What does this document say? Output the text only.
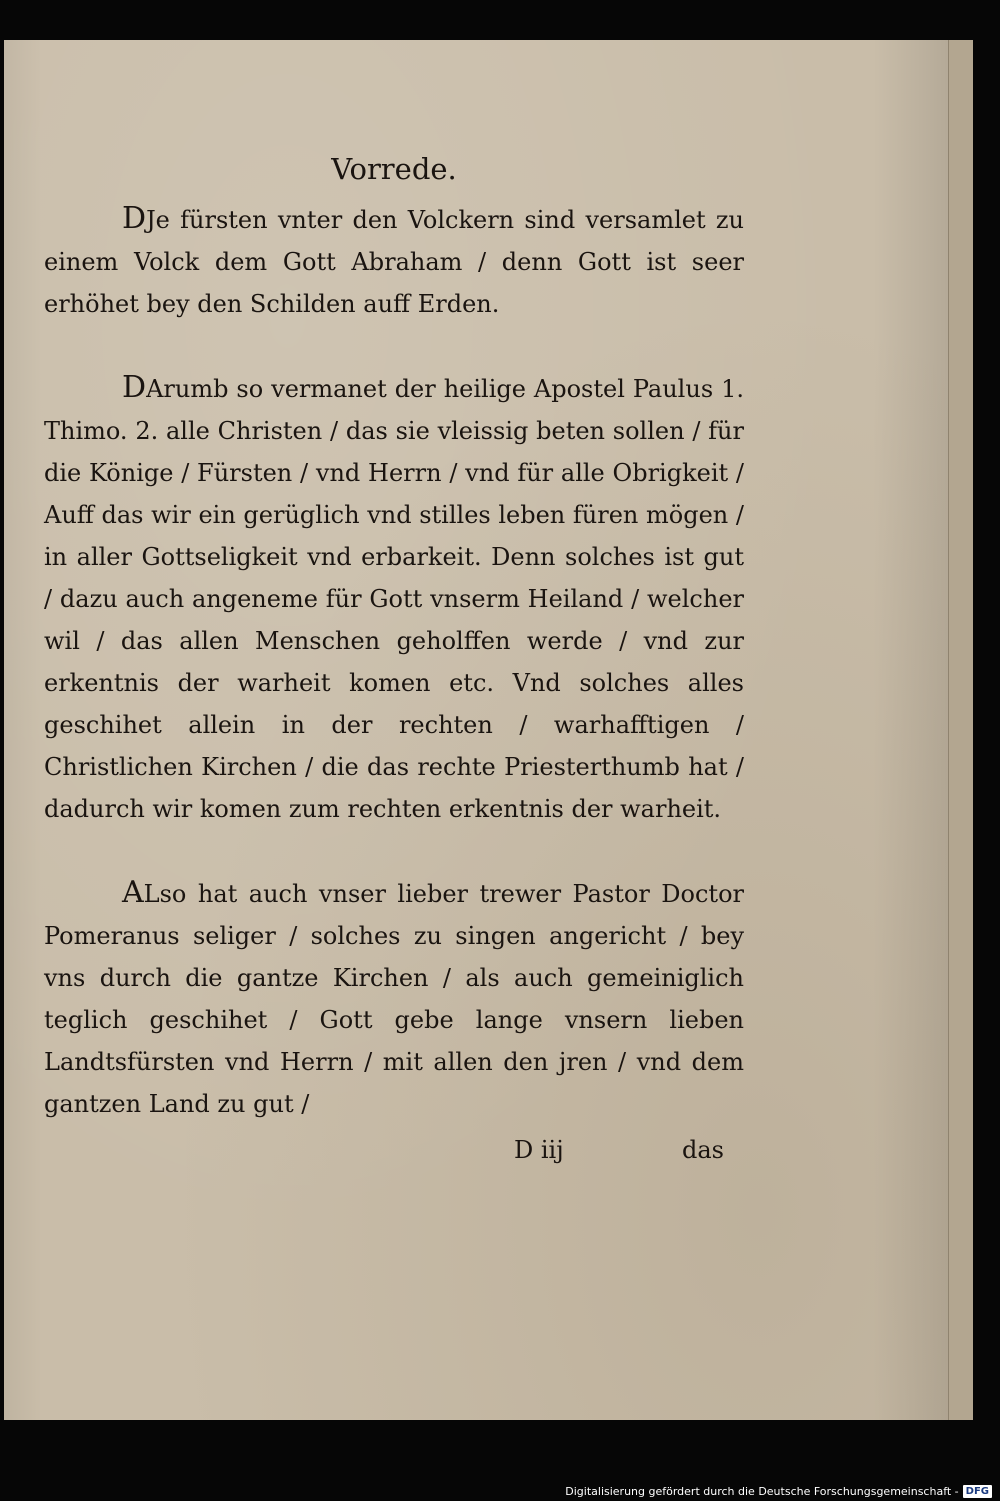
Vorrede.

DJe fürsten vnter den Volckern sind versamlet zu einem Volck dem Gott Abraham / denn Gott ist seer erhöhet bey den Schilden auff Erden.

DArumb so vermanet der heilige Apostel Paulus 1. Thimo. 2. alle Christen / das sie vleissig beten sollen / für die Könige / Fürsten / vnd Herrn / vnd für alle Obrigkeit / Auff das wir ein gerüglich vnd stilles leben füren mögen / in aller Gottseligkeit vnd erbarkeit. Denn solches ist gut / dazu auch angeneme für Gott vnserm Heiland / welcher wil / das allen Menschen geholffen werde / vnd zur erkentnis der warheit komen etc. Vnd solches alles geschihet allein in der rechten / warhafftigen / Christlichen Kirchen / die das rechte Priesterthumb hat / dadurch wir komen zum rechten erkentnis der warheit.

ALso hat auch vnser lieber trewer Pastor Doctor Pomeranus seliger / solches zu singen angericht / bey vns durch die gantze Kirchen / als auch gemeiniglich teglich geschihet / Gott gebe lange vnsern lieben Landtsfürsten vnd Herrn / mit allen den jren / vnd dem gantzen Land zu gut /

D iij	das
Digitalisierung gefördert durch die Deutsche Forschungsgemeinschaft - DFG
